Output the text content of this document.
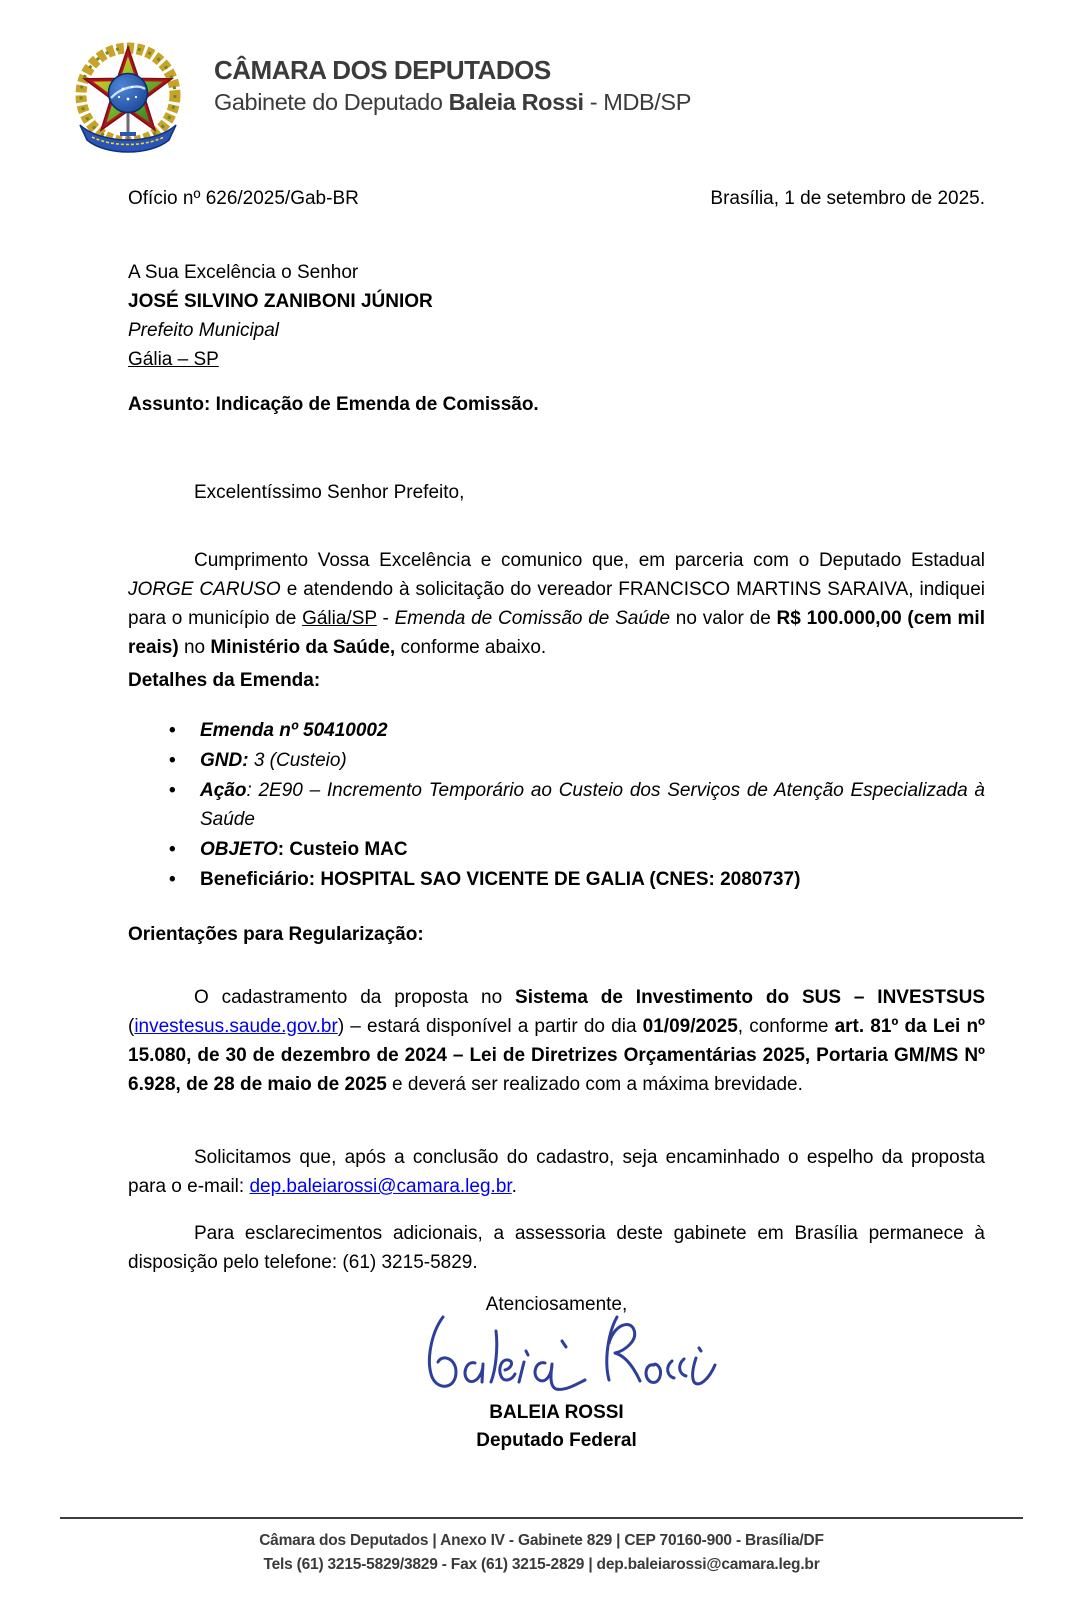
CÂMARA DOS DEPUTADOS
Gabinete do Deputado Baleia Rossi - MDB/SP
Ofício nº 626/2025/Gab-BR	Brasília, 1 de setembro de 2025.
A Sua Excelência o Senhor
JOSÉ SILVINO ZANIBONI JÚNIOR
Prefeito Municipal
Gália – SP
Assunto: Indicação de Emenda de Comissão.
Excelentíssimo Senhor Prefeito,

Cumprimento Vossa Excelência e comunico que, em parceria com o Deputado Estadual JORGE CARUSO e atendendo à solicitação do vereador FRANCISCO MARTINS SARAIVA, indiquei para o município de Gália/SP - Emenda de Comissão de Saúde no valor de R$ 100.000,00 (cem mil reais) no Ministério da Saúde, conforme abaixo.

Detalhes da Emenda:
• Emenda nº 50410002
• GND: 3 (Custeio)
• Ação: 2E90 – Incremento Temporário ao Custeio dos Serviços de Atenção Especializada à Saúde
• OBJETO: Custeio MAC
• Beneficiário: HOSPITAL SAO VICENTE DE GALIA (CNES: 2080737)
Orientações para Regularização:

O cadastramento da proposta no Sistema de Investimento do SUS – INVESTSUS (investesus.saude.gov.br) – estará disponível a partir do dia 01/09/2025, conforme art. 81º da Lei nº 15.080, de 30 de dezembro de 2024 – Lei de Diretrizes Orçamentárias 2025, Portaria GM/MS Nº 6.928, de 28 de maio de 2025 e deverá ser realizado com a máxima brevidade.

Solicitamos que, após a conclusão do cadastro, seja encaminhado o espelho da proposta para o e-mail: dep.baleiarossi@camara.leg.br.

Para esclarecimentos adicionais, a assessoria deste gabinete em Brasília permanece à disposição pelo telefone: (61) 3215-5829.

Atenciosamente,
BALEIA ROSSI
Deputado Federal
Câmara dos Deputados | Anexo IV - Gabinete 829 | CEP 70160-900 - Brasília/DF
Tels (61) 3215-5829/3829 - Fax (61) 3215-2829 | dep.baleiarossi@camara.leg.br
